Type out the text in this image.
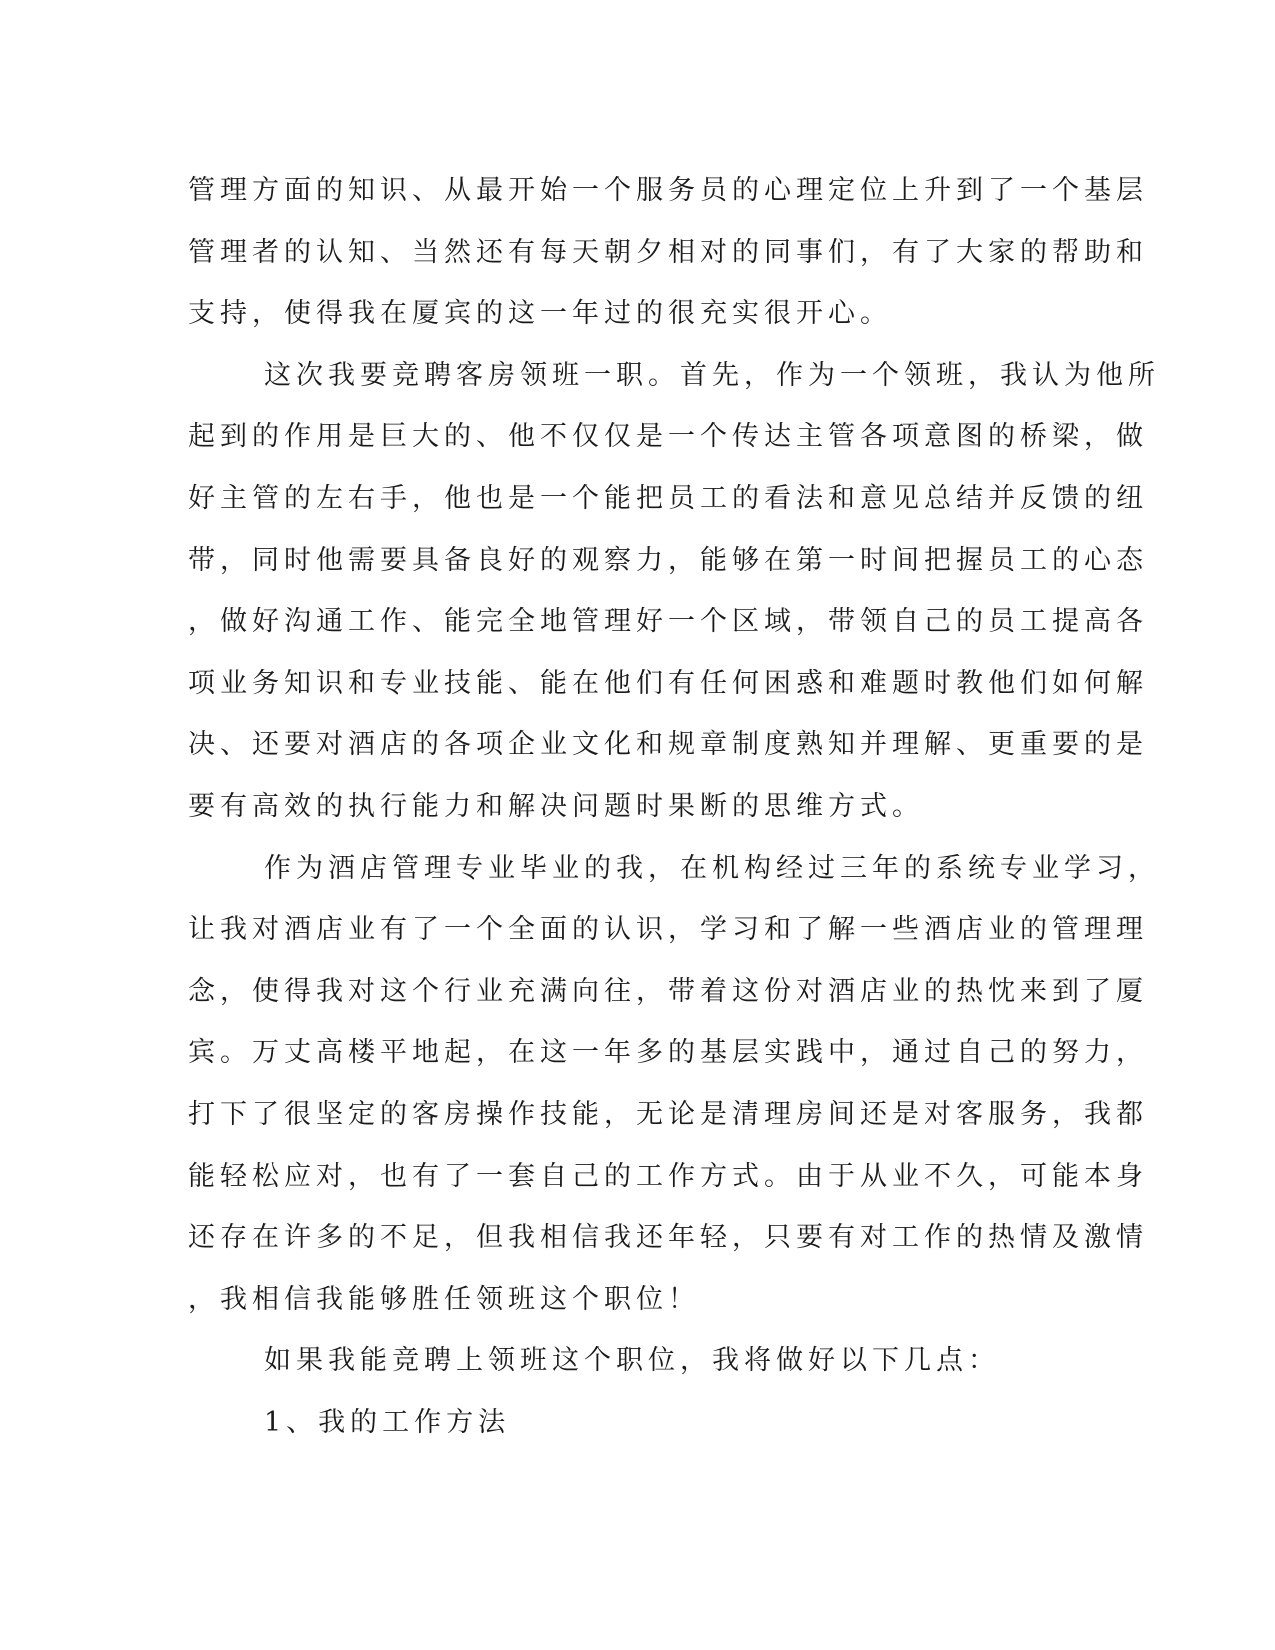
管理方面的知识、从最开始一个服务员的心理定位上升到了一个基层
管理者的认知、当然还有每天朝夕相对的同事们，有了大家的帮助和
支持，使得我在厦宾的这一年过的很充实很开心。
这次我要竞聘客房领班一职。首先，作为一个领班，我认为他所
起到的作用是巨大的、他不仅仅是一个传达主管各项意图的桥梁，做
好主管的左右手，他也是一个能把员工的看法和意见总结并反馈的纽
带，同时他需要具备良好的观察力，能够在第一时间把握员工的心态
，做好沟通工作、能完全地管理好一个区域，带领自己的员工提高各
项业务知识和专业技能、能在他们有任何困惑和难题时教他们如何解
决、还要对酒店的各项企业文化和规章制度熟知并理解、更重要的是
要有高效的执行能力和解决问题时果断的思维方式。
作为酒店管理专业毕业的我，在机构经过三年的系统专业学习，
让我对酒店业有了一个全面的认识，学习和了解一些酒店业的管理理
念，使得我对这个行业充满向往，带着这份对酒店业的热忱来到了厦
宾。万丈高楼平地起，在这一年多的基层实践中，通过自己的努力，
打下了很坚定的客房操作技能，无论是清理房间还是对客服务，我都
能轻松应对，也有了一套自己的工作方式。由于从业不久，可能本身
还存在许多的不足，但我相信我还年轻，只要有对工作的热情及激情
，我相信我能够胜任领班这个职位！
如果我能竞聘上领班这个职位，我将做好以下几点：
1、我的工作方法
